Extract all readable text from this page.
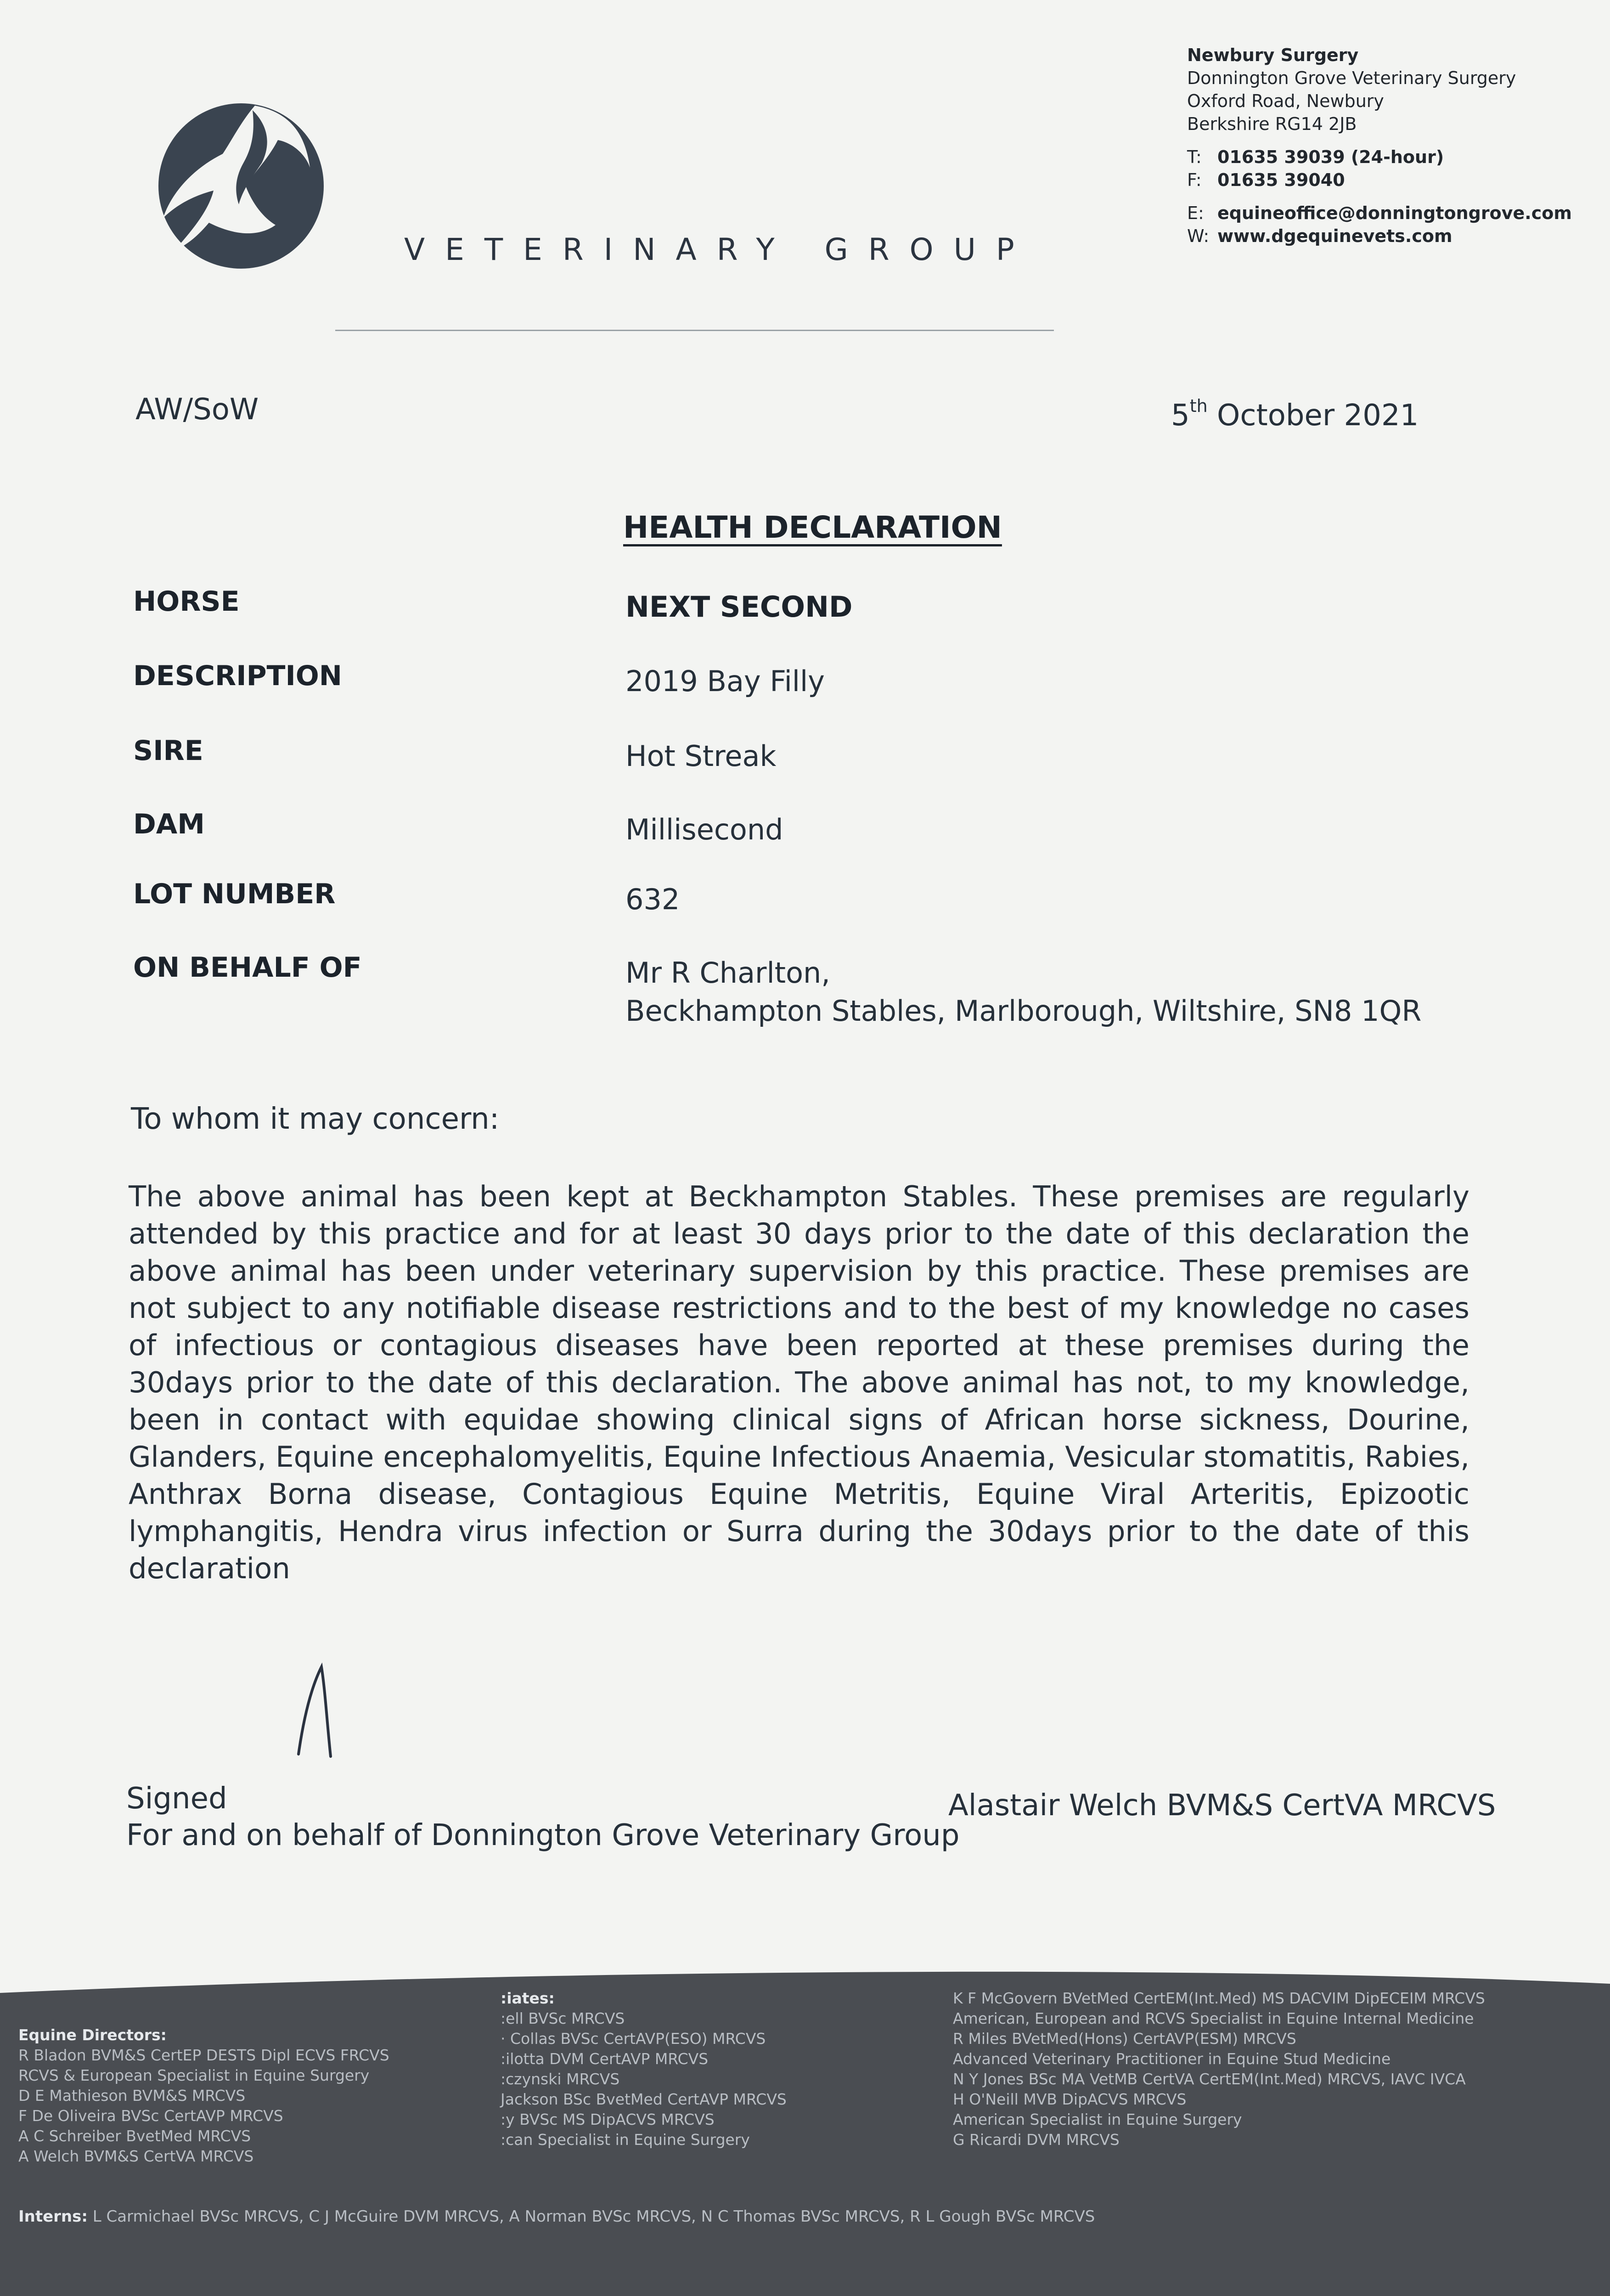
VETERINARY GROUP
Newbury Surgery
Donnington Grove Veterinary Surgery
Oxford Road, Newbury
Berkshire RG14 2JB
T: 01635 39039 (24-hour)
F: 01635 39040
E: equineoffice@donningtongrove.com
W: www.dgequinevets.com
AW/SoW	5th October 2021
HEALTH DECLARATION
HORSE	NEXT SECOND
DESCRIPTION	2019 Bay Filly
SIRE	Hot Streak
DAM	Millisecond
LOT NUMBER	632
ON BEHALF OF	Mr R Charlton,
Beckhampton Stables, Marlborough, Wiltshire, SN8 1QR
To whom it may concern:
The above animal has been kept at Beckhampton Stables. These premises are regularly attended by this practice and for at least 30 days prior to the date of this declaration the above animal has been under veterinary supervision by this practice. These premises are not subject to any notifiable disease restrictions and to the best of my knowledge no cases of infectious or contagious diseases have been reported at these premises during the 30days prior to the date of this declaration. The above animal has not, to my knowledge, been in contact with equidae showing clinical signs of African horse sickness, Dourine, Glanders, Equine encephalomyelitis, Equine Infectious Anaemia, Vesicular stomatitis, Rabies, Anthrax Borna disease, Contagious Equine Metritis, Equine Viral Arteritis, Epizootic lymphangitis, Hendra virus infection or Surra during the 30days prior to the date of this declaration
Signed	Alastair Welch BVM&S CertVA MRCVS
For and on behalf of Donnington Grove Veterinary Group
Equine Directors:
R Bladon BVM&S CertEP DESTS Dipl ECVS FRCVS
RCVS & European Specialist in Equine Surgery
D E Mathieson BVM&S MRCVS
F De Oliveira BVSc CertAVP MRCVS
A C Schreiber BvetMed MRCVS
A Welch BVM&S CertVA MRCVS
:iates:
:ell BVSc MRCVS
· Collas BVSc CertAVP(ESO) MRCVS
:ilotta DVM CertAVP MRCVS
:czynski MRCVS
Jackson BSc BvetMed CertAVP MRCVS
:y BVSc MS DipACVS MRCVS
:can Specialist in Equine Surgery
K F McGovern BVetMed CertEM(Int.Med) MS DACVIM DipECEIM MRCVS
American, European and RCVS Specialist in Equine Internal Medicine
R Miles BVetMed(Hons) CertAVP(ESM) MRCVS
Advanced Veterinary Practitioner in Equine Stud Medicine
N Y Jones BSc MA VetMB CertVA CertEM(Int.Med) MRCVS, IAVC IVCA
H O'Neill MVB DipACVS MRCVS
American Specialist in Equine Surgery
G Ricardi DVM MRCVS
Interns: L Carmichael BVSc MRCVS, C J McGuire DVM MRCVS, A Norman BVSc MRCVS, N C Thomas BVSc MRCVS, R L Gough BVSc MRCVS
